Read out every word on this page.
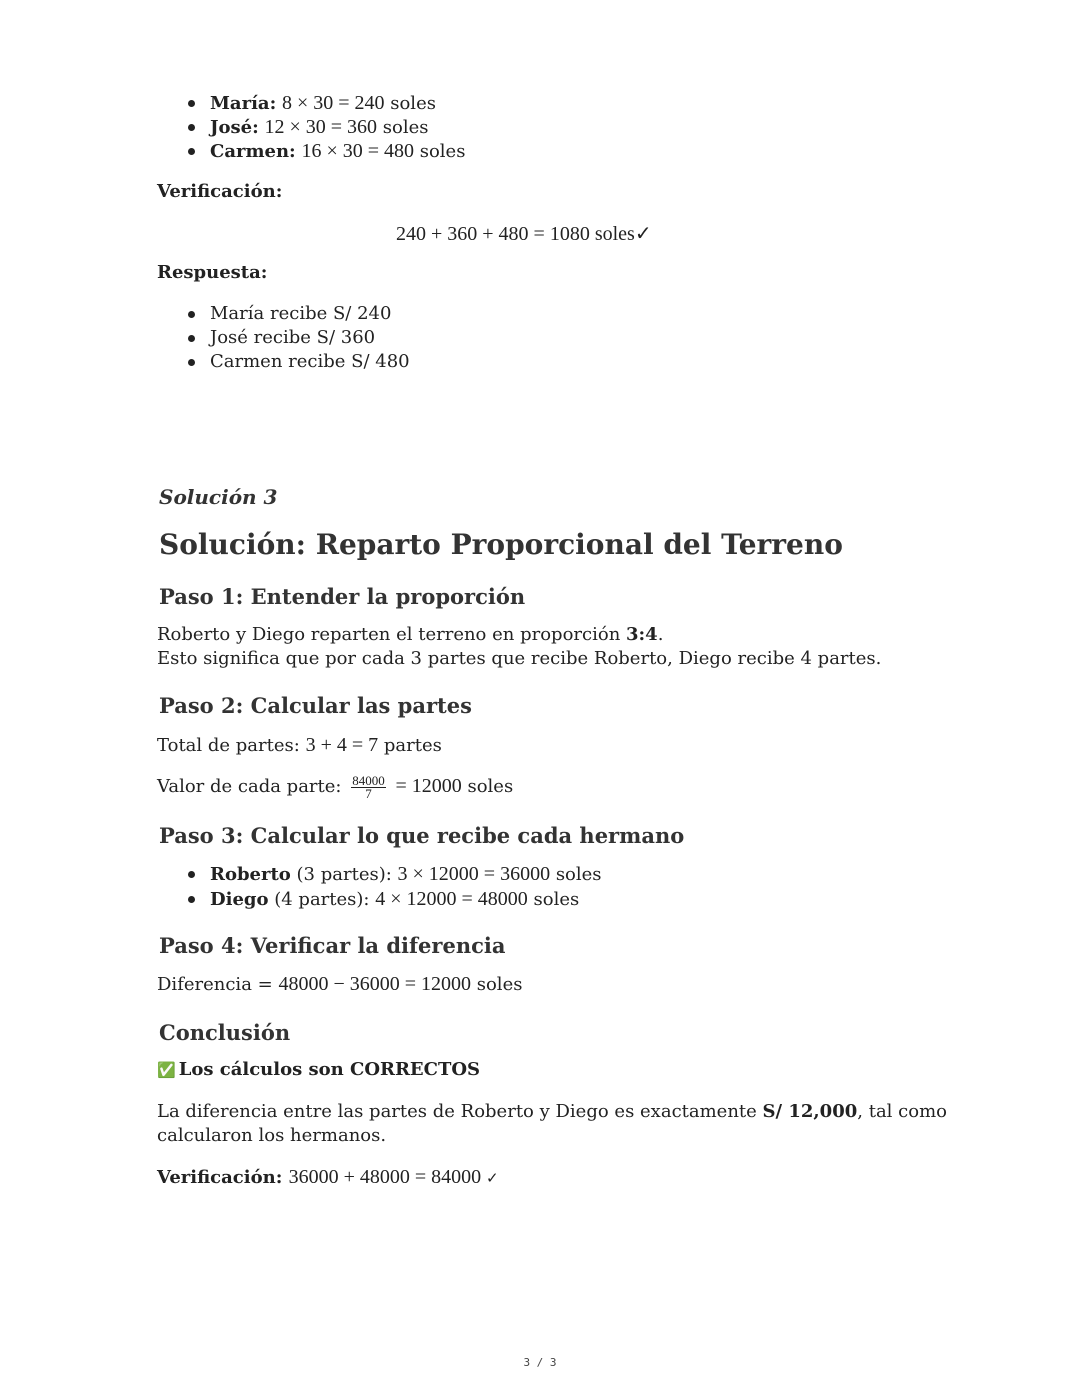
María: 8 × 30 = 240 soles
José: 12 × 30 = 360 soles
Carmen: 16 × 30 = 480 soles
Verificación:
240 + 360 + 480 = 1080 soles✓
Respuesta:
María recibe S/ 240
José recibe S/ 360
Carmen recibe S/ 480
Solución 3
Solución: Reparto Proporcional del Terreno
Paso 1: Entender la proporción
Roberto y Diego reparten el terreno en proporción 3:4.
Esto significa que por cada 3 partes que recibe Roberto, Diego recibe 4 partes.
Paso 2: Calcular las partes
Total de partes: 3 + 4 = 7 partes
Valor de cada parte: $\frac{84000}{7} = 12000$ soles
Paso 3: Calcular lo que recibe cada hermano
Roberto (3 partes): 3 × 12000 = 36000 soles
Diego (4 partes): 4 × 12000 = 48000 soles
Paso 4: Verificar la diferencia
Diferencia = 48000 − 36000 = 12000 soles
Conclusión
✅ Los cálculos son CORRECTOS
La diferencia entre las partes de Roberto y Diego es exactamente S/ 12,000, tal como
calcularon los hermanos.
Verificación: 36000 + 48000 = 84000 ✓
3 / 3
